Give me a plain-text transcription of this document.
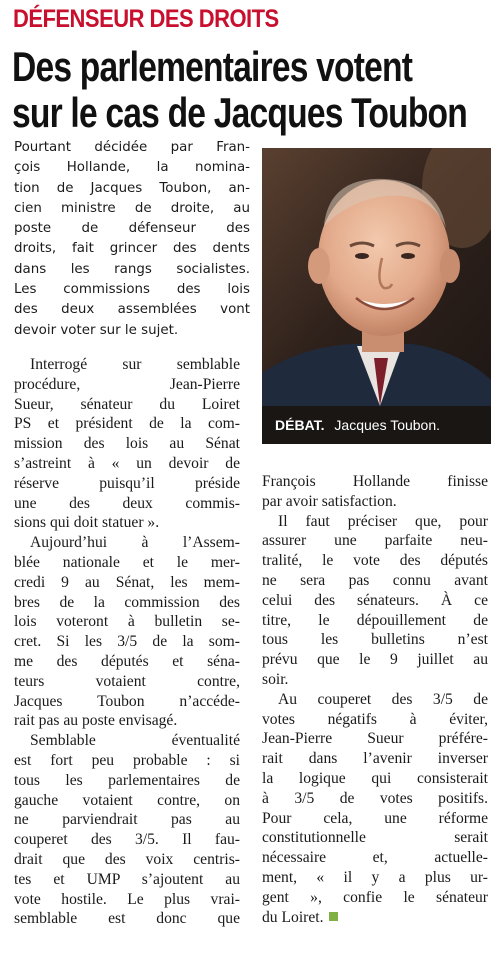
DÉFENSEUR DES DROITS
Des parlementaires votent
sur le cas de Jacques Toubon
Pourtant décidée par Fran-
çois Hollande, la nomina-
tion de Jacques Toubon, an-
cien ministre de droite, au
poste de défenseur des
droits, fait grincer des dents
dans les rangs socialistes.
Les commissions des lois
des deux assemblées vont
devoir voter sur le sujet.
DÉBAT. Jacques Toubon.
Interrogé sur semblable
procédure, Jean-Pierre
Sueur, sénateur du Loiret
PS et président de la com-
mission des lois au Sénat
s’astreint à « un devoir de
réserve puisqu’il préside
une des deux commis-
sions qui doit statuer ».
Aujourd’hui à l’Assem-
blée nationale et le mer-
credi 9 au Sénat, les mem-
bres de la commission des
lois voteront à bulletin se-
cret. Si les 3/5 de la som-
me des députés et séna-
teurs votaient contre,
Jacques Toubon n’accéde-
rait pas au poste envisagé.
Semblable éventualité
est fort peu probable : si
tous les parlementaires de
gauche votaient contre, on
ne parviendrait pas au
couperet des 3/5. Il fau-
drait que des voix centris-
tes et UMP s’ajoutent au
vote hostile. Le plus vrai-
semblable est donc que
François Hollande finisse
par avoir satisfaction.
Il faut préciser que, pour
assurer une parfaite neu-
tralité, le vote des députés
ne sera pas connu avant
celui des sénateurs. À ce
titre, le dépouillement de
tous les bulletins n’est
prévu que le 9 juillet au
soir.
Au couperet des 3/5 de
votes négatifs à éviter,
Jean-Pierre Sueur préfére-
rait dans l’avenir inverser
la logique qui consisterait
à 3/5 de votes positifs.
Pour cela, une réforme
constitutionnelle serait
nécessaire et, actuelle-
ment, « il y a plus ur-
gent », confie le sénateur
du Loiret.
